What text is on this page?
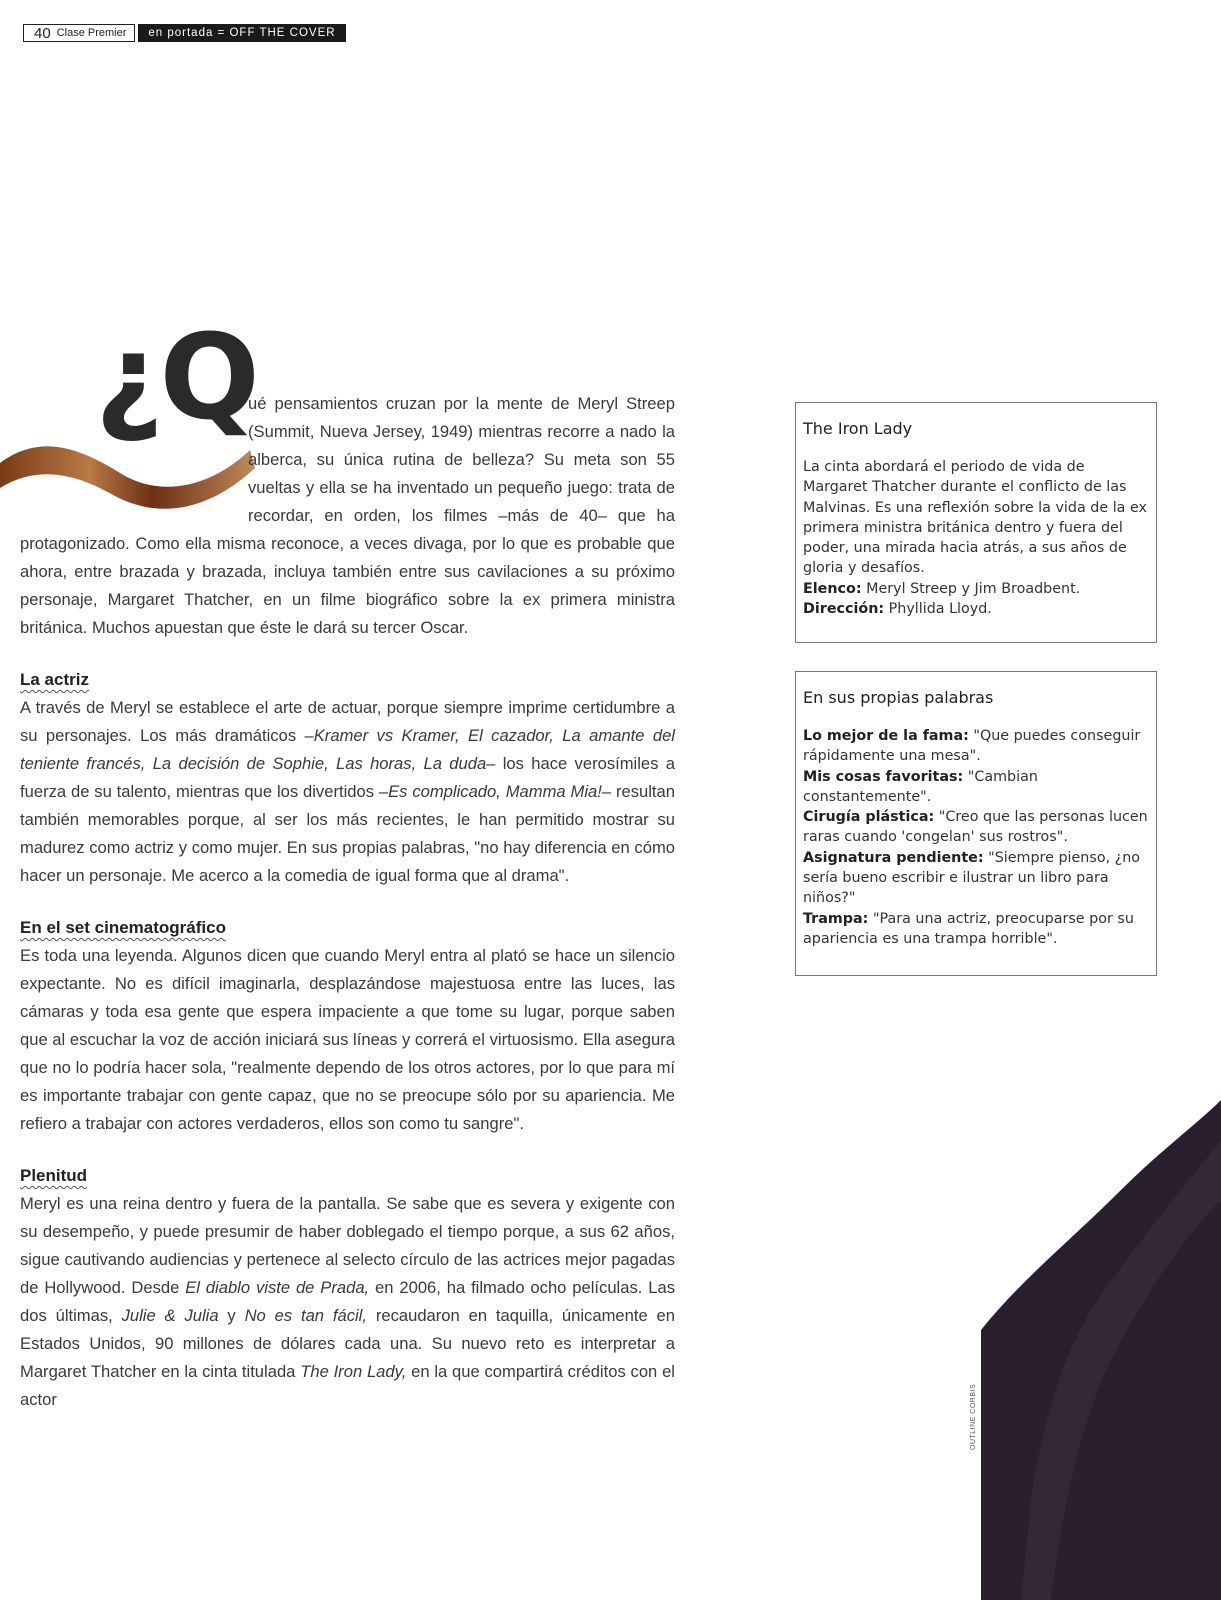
40 Clase Premier	en portada = OFF THE COVER
¿Q

ué pensamientos cruzan por la mente de Meryl Streep (Summit, Nueva Jersey, 1949) mientras recorre a nado la alberca, su única rutina de belleza? Su meta son 55 vueltas y ella se ha inventado un pequeño juego: trata de recordar, en orden, los filmes –más de 40– que ha protagonizado. Como ella misma reconoce, a veces divaga, por lo que es probable que ahora, entre brazada y brazada, incluya también entre sus cavilaciones a su próximo personaje, Margaret Thatcher, en un filme biográfico sobre la ex primera ministra británica. Muchos apuestan que éste le dará su tercer Oscar.

La actriz

A través de Meryl se establece el arte de actuar, porque siempre imprime certidumbre a su personajes. Los más dramáticos –Kramer vs Kramer, El cazador, La amante del teniente francés, La decisión de Sophie, Las horas, La duda– los hace verosímiles a fuerza de su talento, mientras que los divertidos –Es complicado, Mamma Mia!– resultan también memorables porque, al ser los más recientes, le han permitido mostrar su madurez como actriz y como mujer. En sus propias palabras, "no hay diferencia en cómo hacer un personaje. Me acerco a la comedia de igual forma que al drama".

En el set cinematográfico

Es toda una leyenda. Algunos dicen que cuando Meryl entra al plató se hace un silencio expectante. No es difícil imaginarla, desplazándose majestuosa entre las luces, las cámaras y toda esa gente que espera impaciente a que tome su lugar, porque saben que al escuchar la voz de acción iniciará sus líneas y correrá el virtuosismo. Ella asegura que no lo podría hacer sola, "realmente dependo de los otros actores, por lo que para mí es importante trabajar con gente capaz, que no se preocupe sólo por su apariencia. Me refiero a trabajar con actores verdaderos, ellos son como tu sangre".

Plenitud

Meryl es una reina dentro y fuera de la pantalla. Se sabe que es severa y exigente con su desempeño, y puede presumir de haber doblegado el tiempo porque, a sus 62 años, sigue cautivando audiencias y pertenece al selecto círculo de las actrices mejor pagadas de Hollywood. Desde El diablo viste de Prada, en 2006, ha filmado ocho películas. Las dos últimas, Julie & Julia y No es tan fácil, recaudaron en taquilla, únicamente en Estados Unidos, 90 millones de dólares cada una. Su nuevo reto es interpretar a Margaret Thatcher en la cinta titulada The Iron Lady, en la que compartirá créditos con el actor

The Iron Lady

La cinta abordará el periodo de vida de Margaret Thatcher durante el conflicto de las Malvinas. Es una reflexión sobre la vida de la ex primera ministra británica dentro y fuera del poder, una mirada hacia atrás, a sus años de gloria y desafíos.
Elenco: Meryl Streep y Jim Broadbent.
Dirección: Phyllida Lloyd.

En sus propias palabras

Lo mejor de la fama: "Que puedes conseguir rápidamente una mesa".
Mis cosas favoritas: "Cambian constantemente".
Cirugía plástica: "Creo que las personas lucen raras cuando 'congelan' sus rostros".
Asignatura pendiente: "Siempre pienso, ¿no sería bueno escribir e ilustrar un libro para niños?"
Trampa: "Para una actriz, preocuparse por su apariencia es una trampa horrible".

OUTLINE CORBIS
